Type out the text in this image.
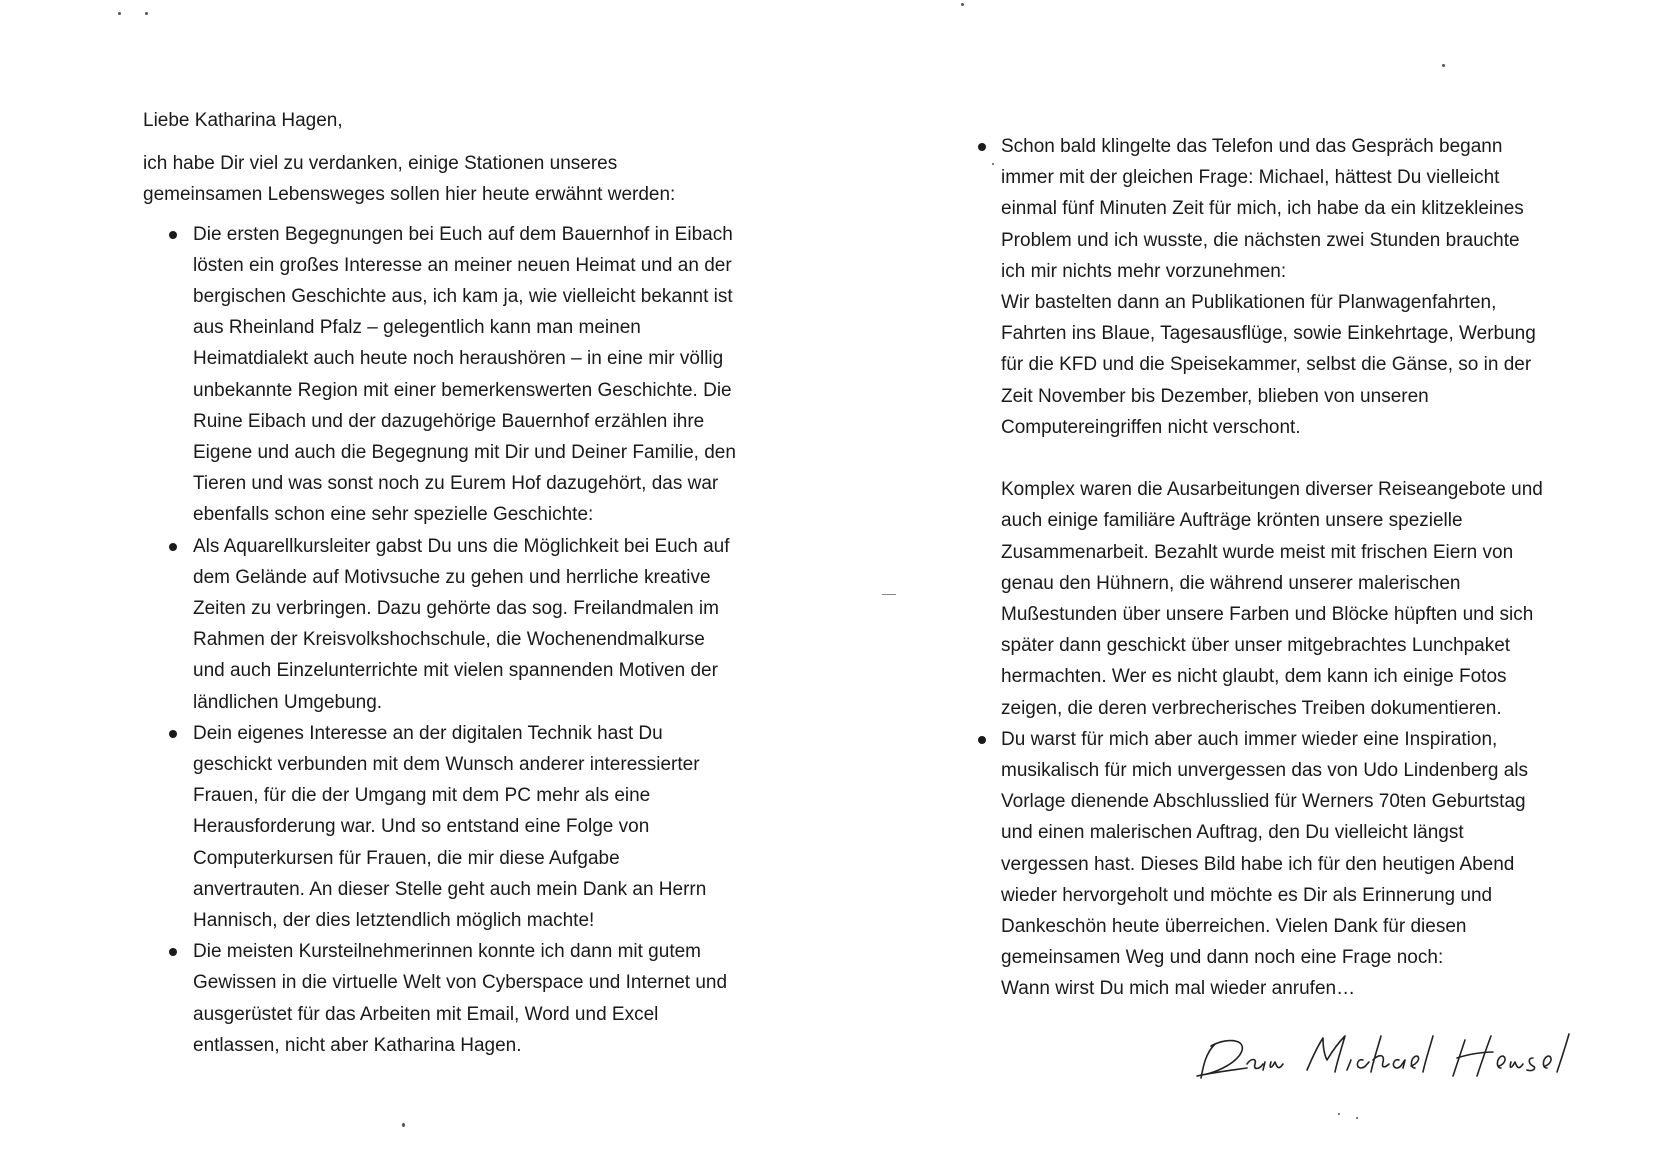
Liebe Katharina Hagen,

ich habe Dir viel zu verdanken, einige Stationen unseres
gemeinsamen Lebensweges sollen hier heute erwähnt werden:

Die ersten Begegnungen bei Euch auf dem Bauernhof in Eibach
lösten ein großes Interesse an meiner neuen Heimat und an der
bergischen Geschichte aus, ich kam ja, wie vielleicht bekannt ist
aus Rheinland Pfalz – gelegentlich kann man meinen
Heimatdialekt auch heute noch heraushören – in eine mir völlig
unbekannte Region mit einer bemerkenswerten Geschichte. Die
Ruine Eibach und der dazugehörige Bauernhof erzählen ihre
Eigene und auch die Begegnung mit Dir und Deiner Familie, den
Tieren und was sonst noch zu Eurem Hof dazugehört, das war
ebenfalls schon eine sehr spezielle Geschichte:
Als Aquarellkursleiter gabst Du uns die Möglichkeit bei Euch auf
dem Gelände auf Motivsuche zu gehen und herrliche kreative
Zeiten zu verbringen. Dazu gehörte das sog. Freilandmalen im
Rahmen der Kreisvolkshochschule, die Wochenendmalkurse
und auch Einzelunterrichte mit vielen spannenden Motiven der
ländlichen Umgebung.
Dein eigenes Interesse an der digitalen Technik hast Du
geschickt verbunden mit dem Wunsch anderer interessierter
Frauen, für die der Umgang mit dem PC mehr als eine
Herausforderung war. Und so entstand eine Folge von
Computerkursen für Frauen, die mir diese Aufgabe
anvertrauten. An dieser Stelle geht auch mein Dank an Herrn
Hannisch, der dies letztendlich möglich machte!
Die meisten Kursteilnehmerinnen konnte ich dann mit gutem
Gewissen in die virtuelle Welt von Cyberspace und Internet und
ausgerüstet für das Arbeiten mit Email, Word und Excel
entlassen, nicht aber Katharina Hagen.
Schon bald klingelte das Telefon und das Gespräch begann
immer mit der gleichen Frage: Michael, hättest Du vielleicht
einmal fünf Minuten Zeit für mich, ich habe da ein klitzekleines
Problem und ich wusste, die nächsten zwei Stunden brauchte
ich mir nichts mehr vorzunehmen:
Wir bastelten dann an Publikationen für Planwagenfahrten,
Fahrten ins Blaue, Tagesausflüge, sowie Einkehrtage, Werbung
für die KFD und die Speisekammer, selbst die Gänse, so in der
Zeit November bis Dezember, blieben von unseren
Computereingriffen nicht verschont.

Komplex waren die Ausarbeitungen diverser Reiseangebote und
auch einige familiäre Aufträge krönten unsere spezielle
Zusammenarbeit. Bezahlt wurde meist mit frischen Eiern von
genau den Hühnern, die während unserer malerischen
Mußestunden über unsere Farben und Blöcke hüpften und sich
später dann geschickt über unser mitgebrachtes Lunchpaket
hermachten. Wer es nicht glaubt, dem kann ich einige Fotos
zeigen, die deren verbrecherisches Treiben dokumentieren.

Du warst für mich aber auch immer wieder eine Inspiration,
musikalisch für mich unvergessen das von Udo Lindenberg als
Vorlage dienende Abschlusslied für Werners 70ten Geburtstag
und einen malerischen Auftrag, den Du vielleicht längst
vergessen hast. Dieses Bild habe ich für den heutigen Abend
wieder hervorgeholt und möchte es Dir als Erinnerung und
Dankeschön heute überreichen. Vielen Dank für diesen
gemeinsamen Weg und dann noch eine Frage noch:
Wann wirst Du mich mal wieder anrufen…
